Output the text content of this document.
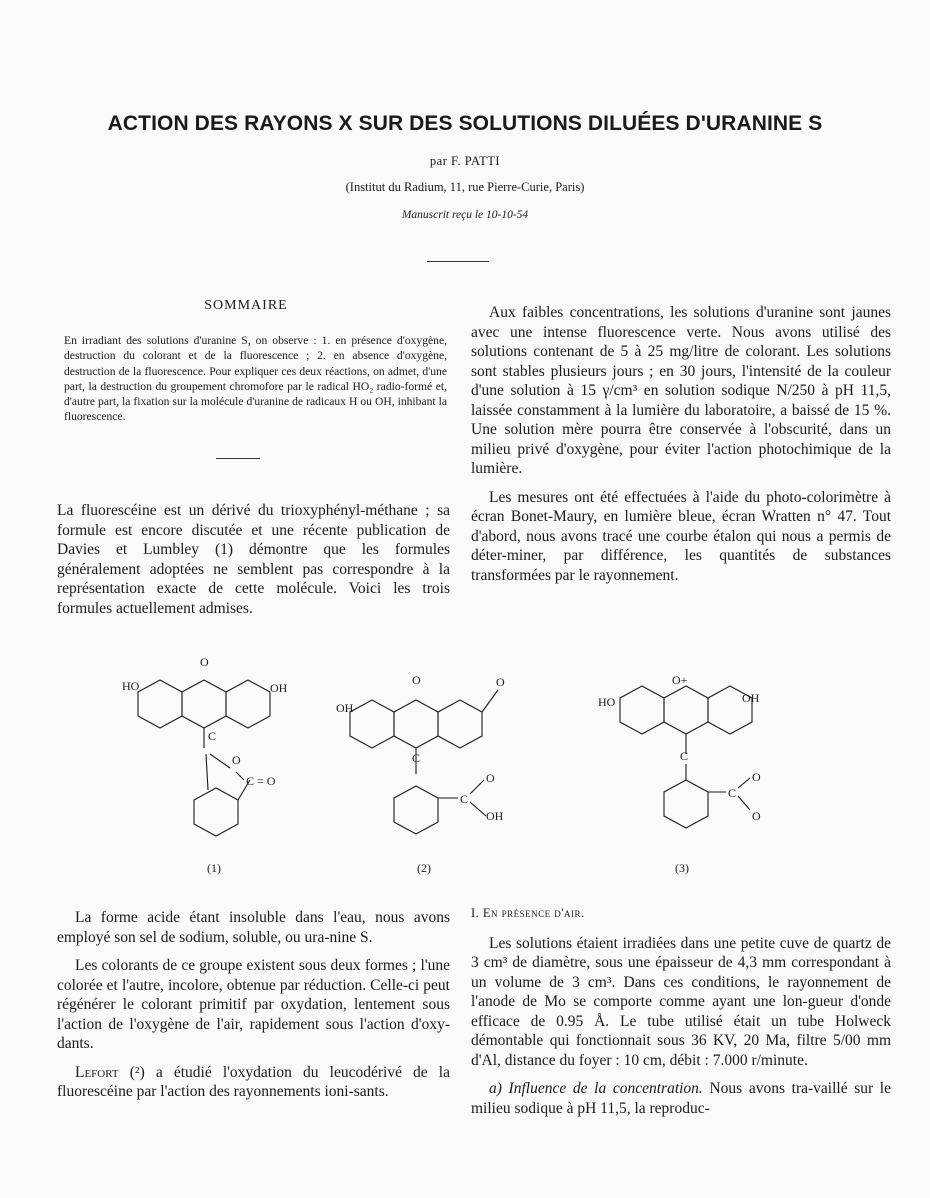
ACTION DES RAYONS X SUR DES SOLUTIONS DILUÉES D'URANINE S
par F. PATTI
(Institut du Radium, 11, rue Pierre-Curie, Paris)
Manuscrit reçu le 10-10-54
SOMMAIRE
En irradiant des solutions d'uranine S, on observe : 1. en présence d'oxygène, destruction du colorant et de la fluorescence ; 2. en absence d'oxygène, destruction de la fluorescence. Pour expliquer ces deux réactions, on admet, d'une part, la destruction du groupement chromofore par le radical HO₂ radio-formé et, d'autre part, la fixation sur la molécule d'uranine de radicaux H ou OH, inhibant la fluorescence.

La fluorescéine est un dérivé du trioxyphényl-méthane ; sa formule est encore discutée et une récente publication de Davies et Lumbley (1) démontre que les formules généralement adoptées ne semblent pas correspondre à la représentation exacte de cette molécule. Voici les trois formules actuellement admises.

Aux faibles concentrations, les solutions d'uranine sont jaunes avec une intense fluorescence verte. Nous avons utilisé des solutions contenant de 5 à 25 mg/litre de colorant. Les solutions sont stables plusieurs jours ; en 30 jours, l'intensité de la couleur d'une solution à 15 γ/cm³ en solution sodique N/250 à pH 11,5, laissée constamment à la lumière du laboratoire, a baissé de 15 %. Une solution mère pourra être conservée à l'obscurité, dans un milieu privé d'oxygène, pour éviter l'action photochimique de la lumière.

Les mesures ont été effectuées à l'aide du photo-colorimètre à écran Bonet-Maury, en lumière bleue, écran Wratten n° 47. Tout d'abord, nous avons tracé une courbe étalon qui nous a permis de déter-miner, par différence, les quantités de substances transformées par le rayonnement.

HO
O
OH
C
O
C = O
OH
O	O
C
C
O
OH
HO
O+
OH
C
C
O
O
(1)	(2)	(3)

La forme acide étant insoluble dans l'eau, nous avons employé son sel de sodium, soluble, ou ura-nine S.

Les colorants de ce groupe existent sous deux formes ; l'une colorée et l'autre, incolore, obtenue par réduction. Celle-ci peut régénérer le colorant primitif par oxydation, lentement sous l'action de l'oxygène de l'air, rapidement sous l'action d'oxy-dants.

Lefort (²) a étudié l'oxydation du leucodérivé de la fluorescéine par l'action des rayonnements ioni-sants.

I. En présence d'air.

Les solutions étaient irradiées dans une petite cuve de quartz de 3 cm³ de diamètre, sous une épaisseur de 4,3 mm correspondant à un volume de 3 cm³. Dans ces conditions, le rayonnement de l'anode de Mo se comporte comme ayant une lon-gueur d'onde efficace de 0.95 Å. Le tube utilisé était un tube Holweck démontable qui fonctionnait sous 36 KV, 20 Ma, filtre 5/00 mm d'Al, distance du foyer : 10 cm, débit : 7.000 r/minute.

a) Influence de la concentration. Nous avons tra-vaillé sur le milieu sodique à pH 11,5, la reproduc-
